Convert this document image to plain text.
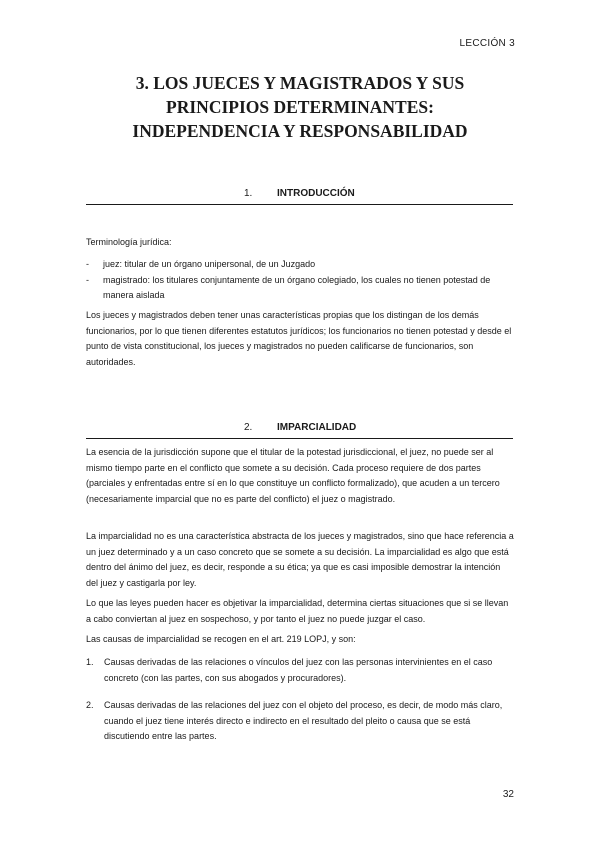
LECCIÓN 3
3. LOS JUECES Y MAGISTRADOS Y SUS
PRINCIPIOS DETERMINANTES:
INDEPENDENCIA Y RESPONSABILIDAD
1. INTRODUCCIÓN
Terminología jurídica:
- juez: titular de un órgano unipersonal, de un Juzgado
- magistrado: los titulares conjuntamente de un órgano colegiado, los cuales no tienen potestad de manera aislada

Los jueces y magistrados deben tener unas características propias que los distingan de los demás funcionarios, por lo que tienen diferentes estatutos jurídicos; los funcionarios no tienen potestad y desde el punto de vista constitucional, los jueces y magistrados no pueden calificarse de funcionarios, son autoridades.

2. IMPARCIALIDAD

La esencia de la jurisdicción supone que el titular de la potestad jurisdiccional, el juez, no puede ser al mismo tiempo parte en el conflicto que somete a su decisión. Cada proceso requiere de dos partes (parciales y enfrentadas entre sí en lo que constituye un conflicto formalizado), que acuden a un tercero (necesariamente imparcial que no es parte del conflicto) el juez o magistrado.

La imparcialidad no es una característica abstracta de los jueces y magistrados, sino que hace referencia a un juez determinado y a un caso concreto que se somete a su decisión. La imparcialidad es algo que está dentro del ánimo del juez, es decir, responde a su ética; ya que es casi imposible demostrar la intención del juez y castigarla por ley.

Lo que las leyes pueden hacer es objetivar la imparcialidad, determina ciertas situaciones que si se llevan a cabo conviertan al juez en sospechoso, y por tanto el juez no puede juzgar el caso.

Las causas de imparcialidad se recogen en el art. 219 LOPJ, y son:

1. Causas derivadas de las relaciones o vínculos del juez con las personas intervinientes en el caso concreto (con las partes, con sus abogados y procuradores).
2. Causas derivadas de las relaciones del juez con el objeto del proceso, es decir, de modo más claro, cuando el juez tiene interés directo e indirecto en el resultado del pleito o causa que se está discutiendo entre las partes.
32
